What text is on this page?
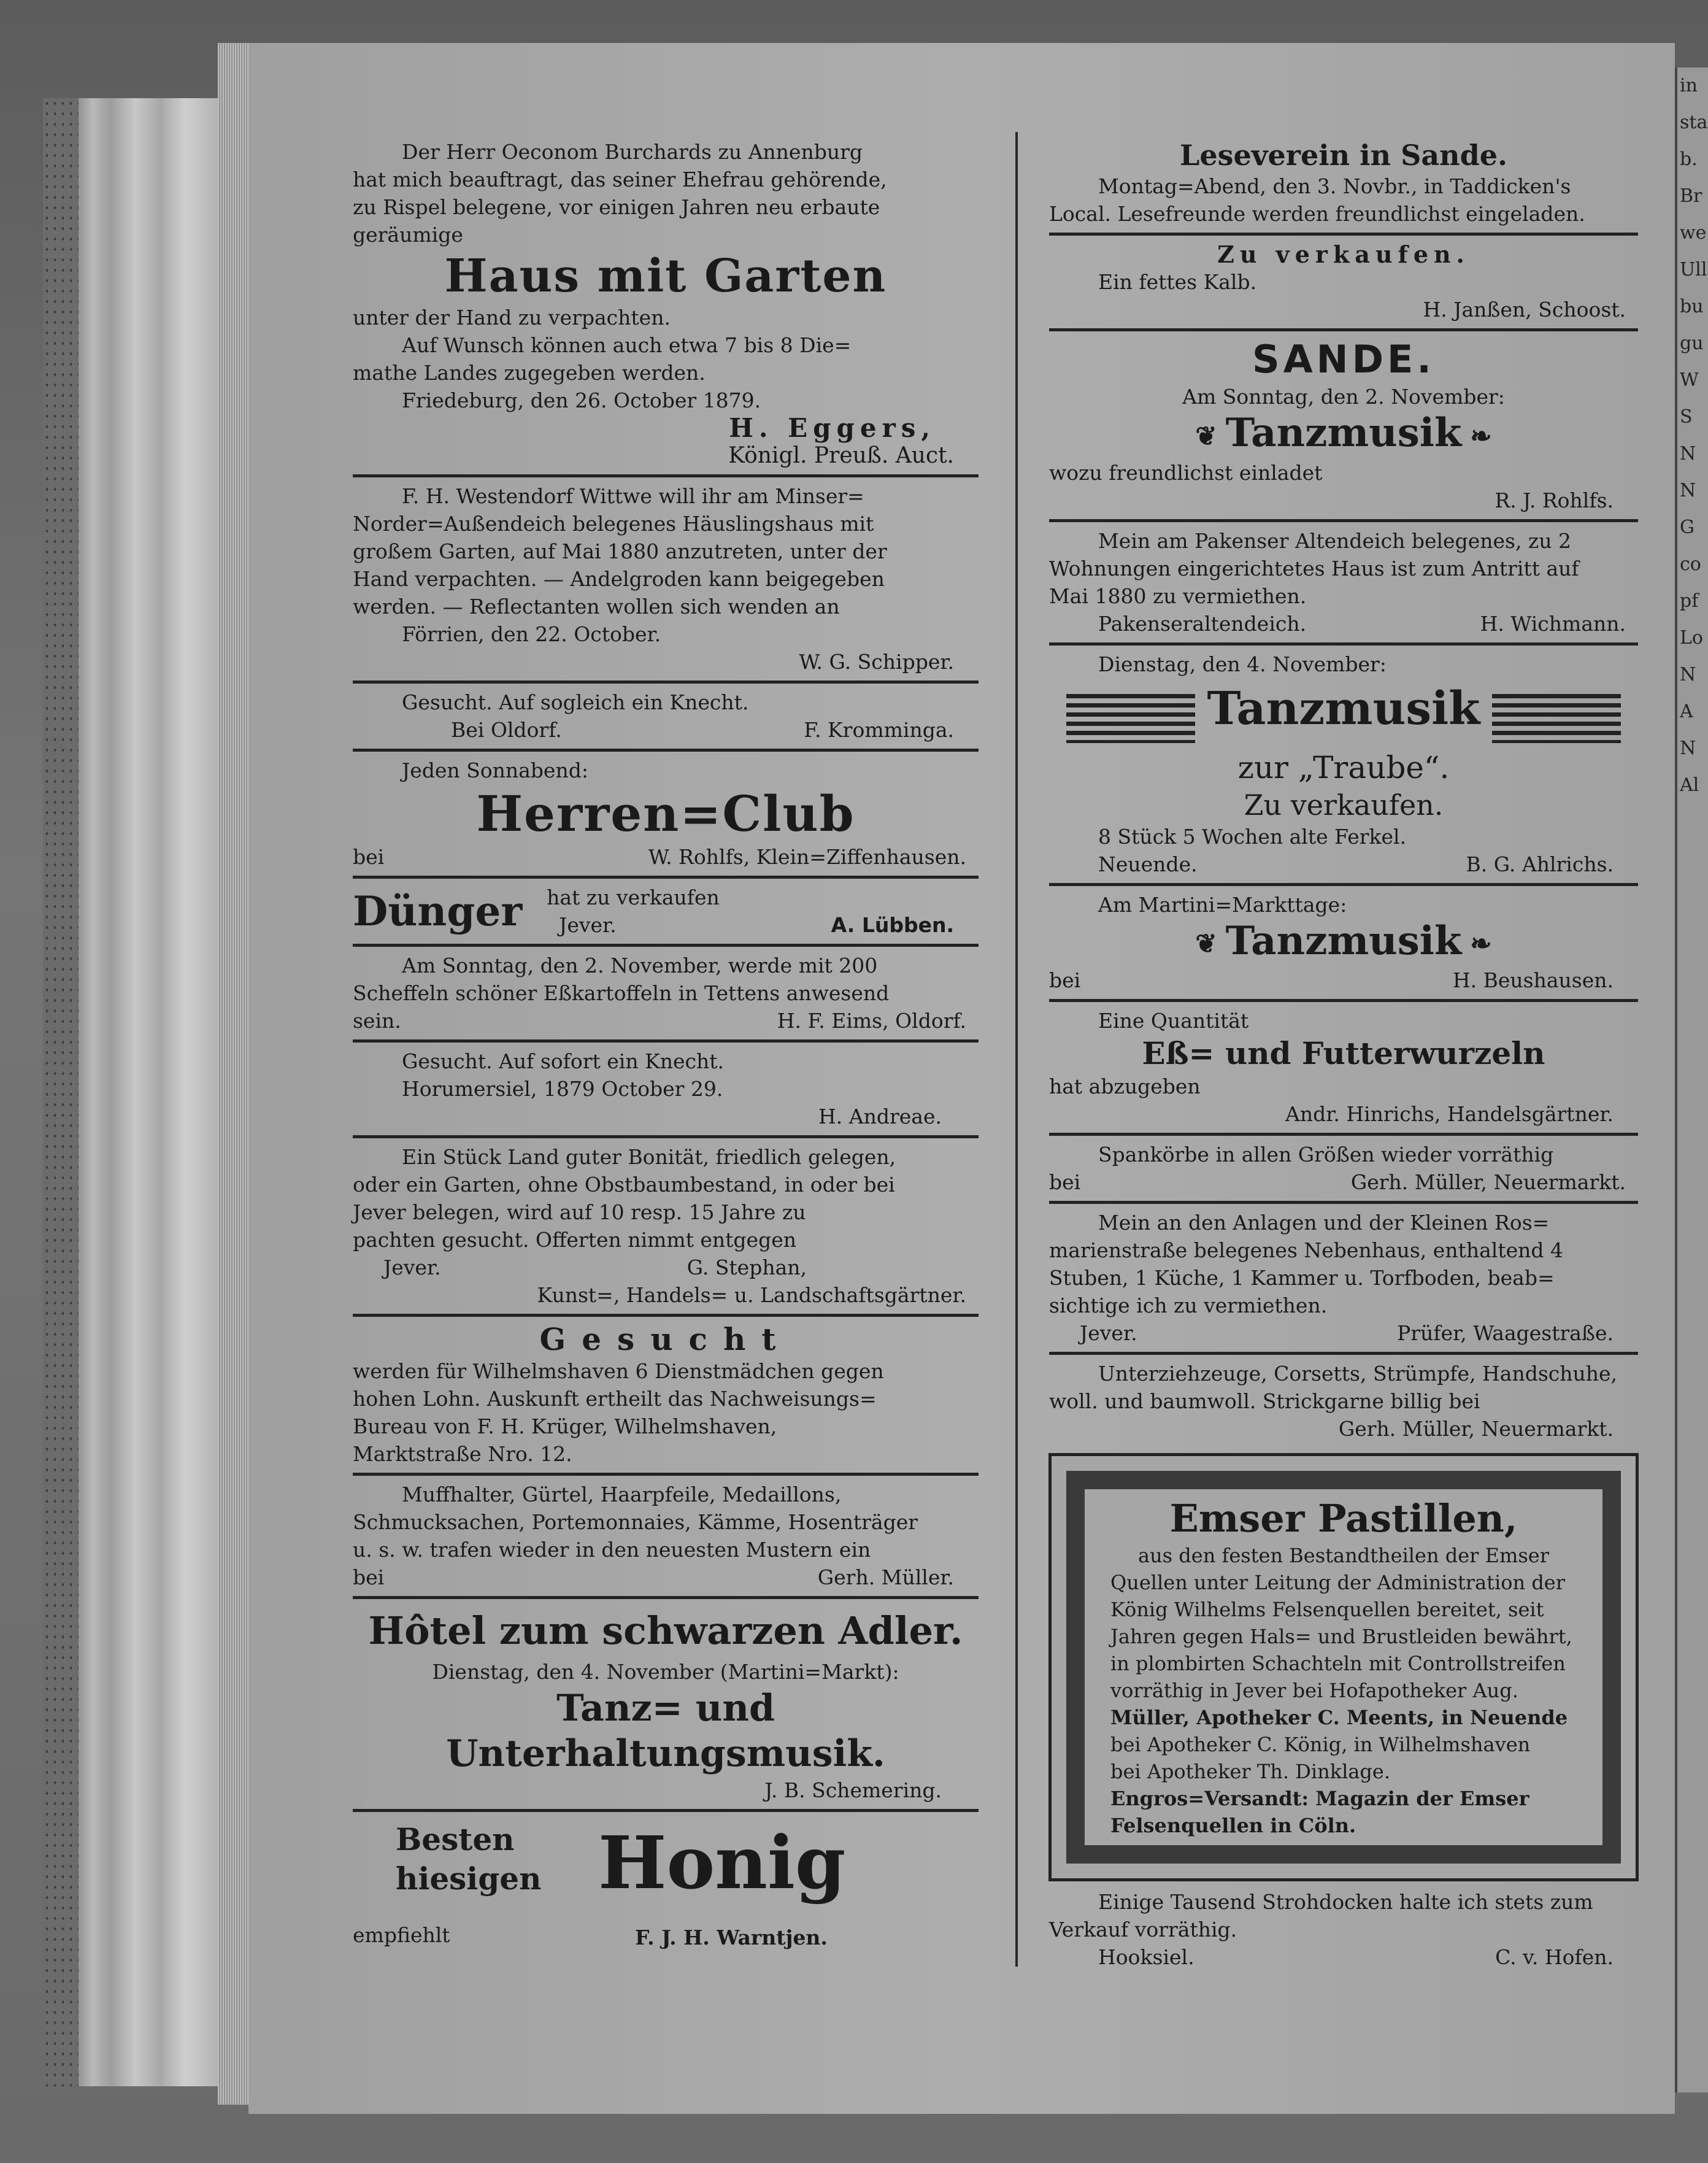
in
sta
b.
Br
we
Ull
bu
gu
W
S
N
N
G
co
pf
Lo
N
A
N
Al
Der Herr Oeconom Burchards zu Annenburg
hat mich beauftragt, das seiner Ehefrau gehörende,
zu Rispel belegene, vor einigen Jahren neu erbaute
geräumige
Haus mit Garten
unter der Hand zu verpachten.
Auf Wunsch können auch etwa 7 bis 8 Die=
mathe Landes zugegeben werden.
Friedeburg, den 26. October 1879.
H. Eggers,
Königl. Preuß. Auct.
F. H. Westendorf Wittwe will ihr am Minser=
Norder=Außendeich belegenes Häuslingshaus mit
großem Garten, auf Mai 1880 anzutreten, unter der
Hand verpachten. — Andelgroden kann beigegeben
werden. — Reflectanten wollen sich wenden an
Förrien, den 22. October.
W. G. Schipper.
Gesucht. Auf sogleich ein Knecht.
Bei Oldorf.	F. Kromminga.
Jeden Sonnabend:
Herren=Club
bei	W. Rohlfs, Klein=Ziffenhausen.
Dünger hat zu verkaufen
Jever.	A. Lübben.
Am Sonntag, den 2. November, werde mit 200
Scheffeln schöner Eßkartoffeln in Tettens anwesend
sein.	H. F. Eims, Oldorf.
Gesucht. Auf sofort ein Knecht.
Horumersiel, 1879 October 29.
H. Andreae.
Ein Stück Land guter Bonität, friedlich gelegen,
oder ein Garten, ohne Obstbaumbestand, in oder bei
Jever belegen, wird auf 10 resp. 15 Jahre zu
pachten gesucht. Offerten nimmt entgegen
Jever.	G. Stephan,
Kunst=, Handels= u. Landschaftsgärtner.
Gesucht
werden für Wilhelmshaven 6 Dienstmädchen gegen
hohen Lohn. Auskunft ertheilt das Nachweisungs=
Bureau von F. H. Krüger, Wilhelmshaven,
Marktstraße Nro. 12.
Muffhalter, Gürtel, Haarpfeile, Medaillons,
Schmucksachen, Portemonnaies, Kämme, Hosenträger
u. s. w. trafen wieder in den neuesten Mustern ein
bei	Gerh. Müller.
Hôtel zum schwarzen Adler.
Dienstag, den 4. November (Martini=Markt):
Tanz= und
Unterhaltungsmusik.
J. B. Schemering.
Besten
hiesigen Honig
empfiehlt	F. J. H. Warntjen.
Leseverein in Sande.
Montag=Abend, den 3. Novbr., in Taddicken's
Local. Lesefreunde werden freundlichst eingeladen.
Zu verkaufen.
Ein fettes Kalb.
H. Janßen, Schoost.
SANDE.
Am Sonntag, den 2. November:
❦ Tanzmusik ❧
wozu freundlichst einladet
R. J. Rohlfs.
Mein am Pakenser Altendeich belegenes, zu 2
Wohnungen eingerichtetes Haus ist zum Antritt auf
Mai 1880 zu vermiethen.
Pakenseraltendeich.	H. Wichmann.
Dienstag, den 4. November:
Tanzmusik
zur „Traube“.
Zu verkaufen.
8 Stück 5 Wochen alte Ferkel.
Neuende.	B. G. Ahlrichs.
Am Martini=Markttage:
❦ Tanzmusik ❧
bei	H. Beushausen.
Eine Quantität
Eß= und Futterwurzeln
hat abzugeben
Andr. Hinrichs, Handelsgärtner.
Spankörbe in allen Größen wieder vorräthig
bei	Gerh. Müller, Neuermarkt.
Mein an den Anlagen und der Kleinen Ros=
marienstraße belegenes Nebenhaus, enthaltend 4
Stuben, 1 Küche, 1 Kammer u. Torfboden, beab=
sichtige ich zu vermiethen.
Jever.	Prüfer, Waagestraße.
Unterziehzeuge, Corsetts, Strümpfe, Handschuhe,
woll. und baumwoll. Strickgarne billig bei
Gerh. Müller, Neuermarkt.
Emser Pastillen,
aus den festen Bestandtheilen der Emser
Quellen unter Leitung der Administration der
König Wilhelms Felsenquellen bereitet, seit
Jahren gegen Hals= und Brustleiden bewährt,
in plombirten Schachteln mit Controllstreifen
vorräthig in Jever bei Hofapotheker Aug.
Müller, Apotheker C. Meents, in Neuende
bei Apotheker C. König, in Wilhelmshaven
bei Apotheker Th. Dinklage.
Engros=Versandt: Magazin der Emser
Felsenquellen in Cöln.
Einige Tausend Strohdocken halte ich stets zum
Verkauf vorräthig.
Hooksiel.	C. v. Hofen.
